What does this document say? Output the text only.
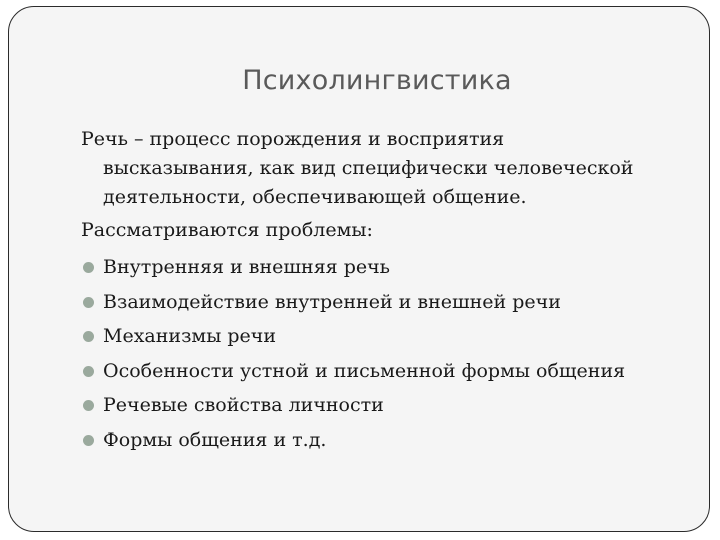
Психолингвистика
Речь – процесс порождения и восприятия
высказывания, как вид специфически человеческой
деятельности, обеспечивающей общение.
Рассматриваются проблемы:
Внутренняя и внешняя речь
Взаимодействие внутренней и внешней речи
Механизмы речи
Особенности устной и письменной формы общения
Речевые свойства личности
Формы общения и т.д.
